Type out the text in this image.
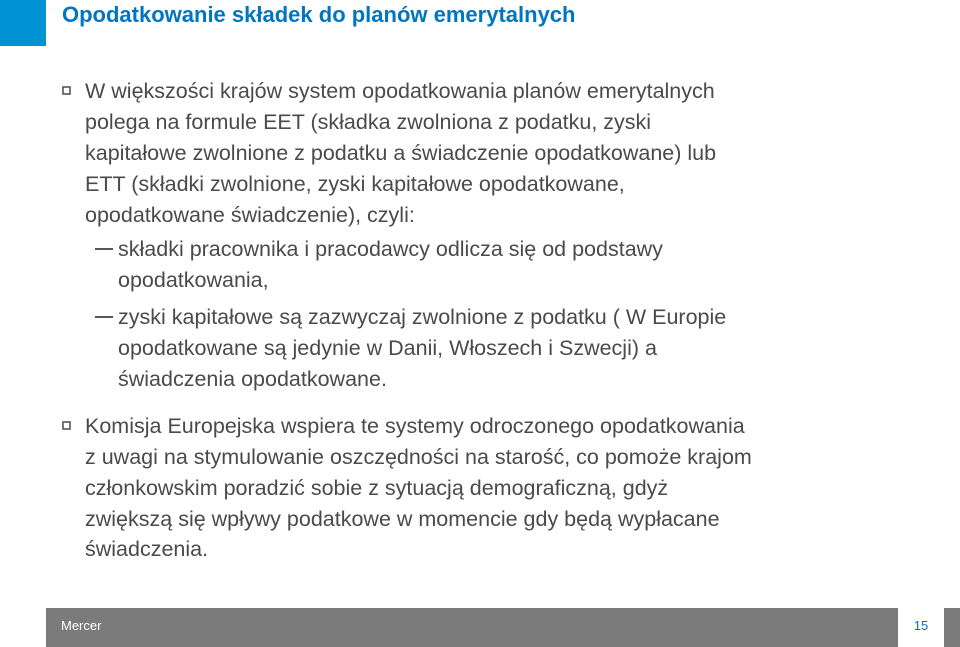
Opodatkowanie składek do planów emerytalnych
W większości krajów system opodatkowania planów emerytalnych
polega na formule EET (składka zwolniona z podatku, zyski
kapitałowe zwolnione z podatku a świadczenie opodatkowane) lub
ETT (składki zwolnione, zyski kapitałowe opodatkowane,
opodatkowane świadczenie), czyli:
składki pracownika i pracodawcy odlicza się od podstawy
opodatkowania,
zyski kapitałowe są zazwyczaj zwolnione z podatku ( W Europie
opodatkowane są jedynie w Danii, Włoszech i Szwecji) a
świadczenia opodatkowane.
Komisja Europejska wspiera te systemy odroczonego opodatkowania
z uwagi na stymulowanie oszczędności na starość, co pomoże krajom
członkowskim poradzić sobie z sytuacją demograficzną, gdyż
zwiększą się wpływy podatkowe w momencie gdy będą wypłacane
świadczenia.
Mercer	15
